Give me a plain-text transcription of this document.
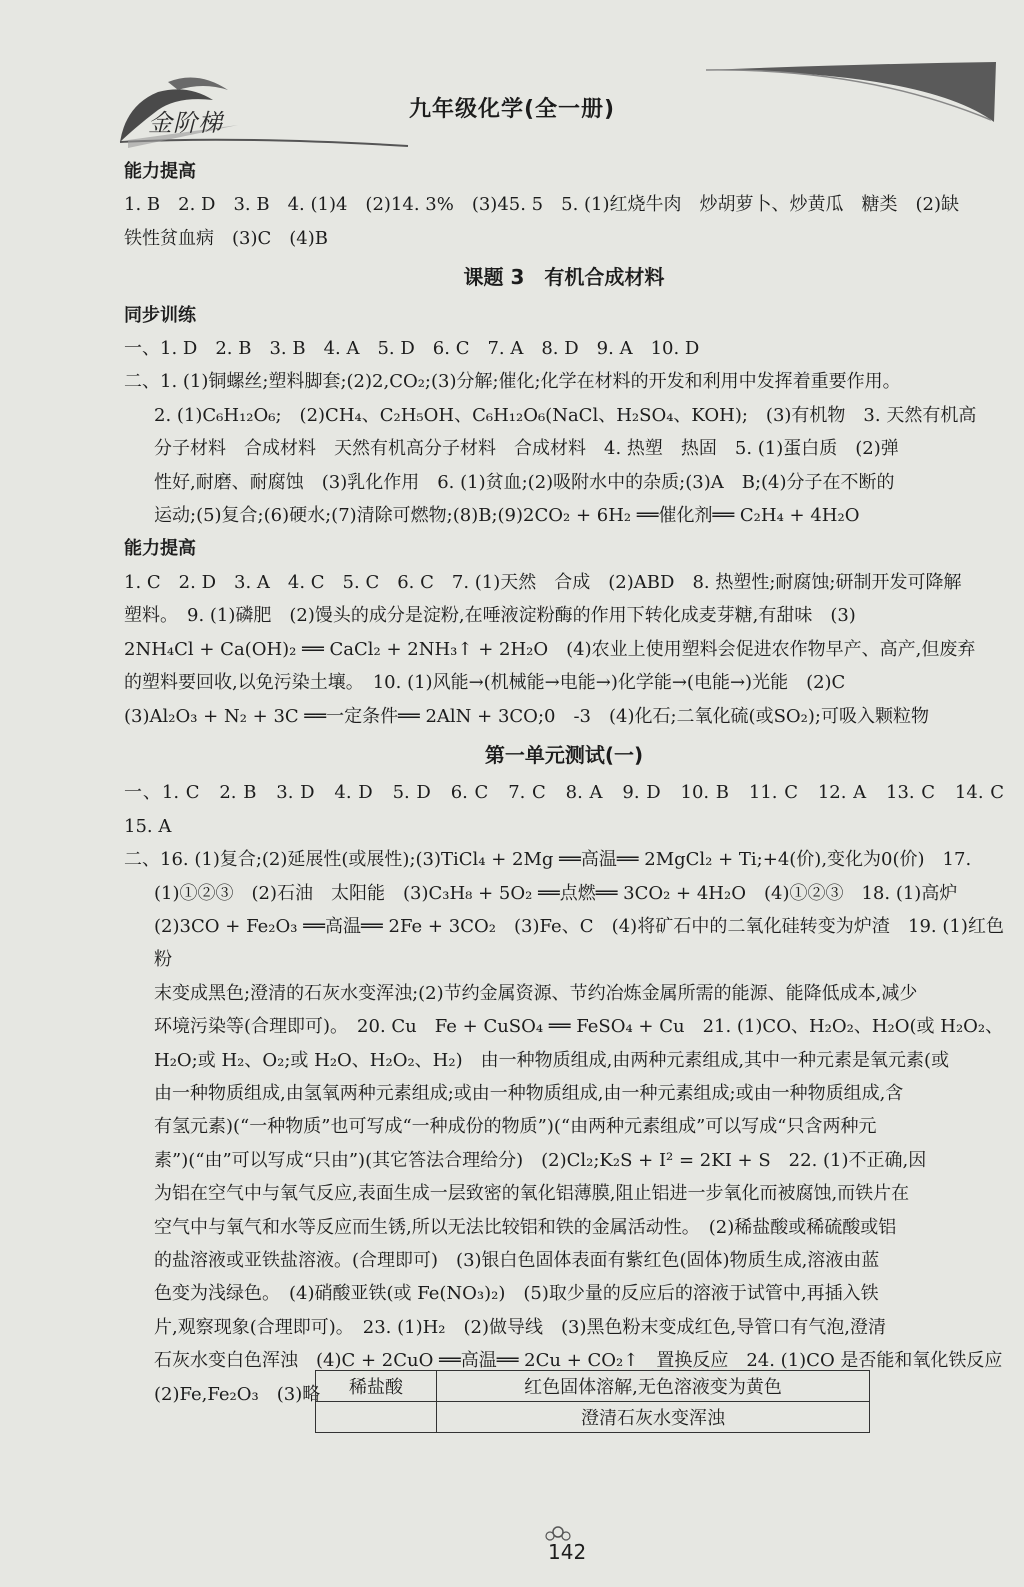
金阶梯	九年级化学(全一册)
能力提高
1. B　2. D　3. B　4. (1)4　(2)14. 3%　(3)45. 5　5. (1)红烧牛肉　炒胡萝卜、炒黄瓜　糖类　(2)缺
铁性贫血病　(3)C　(4)B
课题 3　有机合成材料
同步训练
一、1. D　2. B　3. B　4. A　5. D　6. C　7. A　8. D　9. A　10. D
二、1. (1)铜螺丝;塑料脚套;(2)2,CO₂;(3)分解;催化;化学在材料的开发和利用中发挥着重要作用。
2. (1)C₆H₁₂O₆;　(2)CH₄、C₂H₅OH、C₆H₁₂O₆(NaCl、H₂SO₄、KOH);　(3)有机物　3. 天然有机高
分子材料　合成材料　天然有机高分子材料　合成材料　4. 热塑　热固　5. (1)蛋白质　(2)弹
性好,耐磨、耐腐蚀　(3)乳化作用　6. (1)贫血;(2)吸附水中的杂质;(3)A　B;(4)分子在不断的
运动;(5)复合;(6)硬水;(7)清除可燃物;(8)B;(9)2CO₂ + 6H₂ ══催化剂══ C₂H₄ + 4H₂O
能力提高
1. C　2. D　3. A　4. C　5. C　6. C　7. (1)天然　合成　(2)ABD　8. 热塑性;耐腐蚀;研制开发可降解
塑料。　9. (1)磷肥　(2)馒头的成分是淀粉,在唾液淀粉酶的作用下转化成麦芽糖,有甜味　(3)
2NH₄Cl + Ca(OH)₂ ══ CaCl₂ + 2NH₃↑ + 2H₂O　(4)农业上使用塑料会促进农作物早产、高产,但废弃
的塑料要回收,以免污染土壤。　10. (1)风能→(机械能→电能→)化学能→(电能→)光能　(2)C
(3)Al₂O₃ + N₂ + 3C ══一定条件══ 2AlN + 3CO;0　-3　(4)化石;二氧化硫(或SO₂);可吸入颗粒物
第一单元测试(一)
一、1. C　2. B　3. D　4. D　5. D　6. C　7. C　8. A　9. D　10. B　11. C　12. A　13. C　14. C　15. A
二、16. (1)复合;(2)延展性(或展性);(3)TiCl₄ + 2Mg ══高温══ 2MgCl₂ + Ti;+4(价),变化为0(价)　17.
(1)①②③　(2)石油　太阳能　(3)C₃H₈ + 5O₂ ══点燃══ 3CO₂ + 4H₂O　(4)①②③　18. (1)高炉
(2)3CO + Fe₂O₃ ══高温══ 2Fe + 3CO₂　(3)Fe、C　(4)将矿石中的二氧化硅转变为炉渣　19. (1)红色粉
末变成黑色;澄清的石灰水变浑浊;(2)节约金属资源、节约冶炼金属所需的能源、能降低成本,减少
环境污染等(合理即可)。　20. Cu　Fe + CuSO₄ ══ FeSO₄ + Cu　21. (1)CO、H₂O₂、H₂O(或 H₂O₂、
H₂O;或 H₂、O₂;或 H₂O、H₂O₂、H₂)　由一种物质组成,由两种元素组成,其中一种元素是氧元素(或
由一种物质组成,由氢氧两种元素组成;或由一种物质组成,由一种元素组成;或由一种物质组成,含
有氢元素)(“一种物质”也可写成“一种成份的物质”)(“由两种元素组成”可以写成“只含两种元
素”)(“由”可以写成“只由”)(其它答法合理给分)　(2)Cl₂;K₂S + I² = 2KI + S　22. (1)不正确,因
为铝在空气中与氧气反应,表面生成一层致密的氧化铝薄膜,阻止铝进一步氧化而被腐蚀,而铁片在
空气中与氧气和水等反应而生锈,所以无法比较铝和铁的金属活动性。　(2)稀盐酸或稀硫酸或铝
的盐溶液或亚铁盐溶液。(合理即可)　(3)银白色固体表面有紫红色(固体)物质生成,溶液由蓝
色变为浅绿色。　(4)硝酸亚铁(或 Fe(NO₃)₂)　(5)取少量的反应后的溶液于试管中,再插入铁
片,观察现象(合理即可)。　23. (1)H₂　(2)做导线　(3)黑色粉末变成红色,导管口有气泡,澄清
石灰水变白色浑浊　(4)C + 2CuO ══高温══ 2Cu + CO₂↑　置换反应　24. (1)CO 是否能和氧化铁反应
(2)Fe,Fe₂O₃　(3)略	稀盐酸	红色固体溶解,无色溶液变为黄色
	澄清石灰水变浑浊
142
